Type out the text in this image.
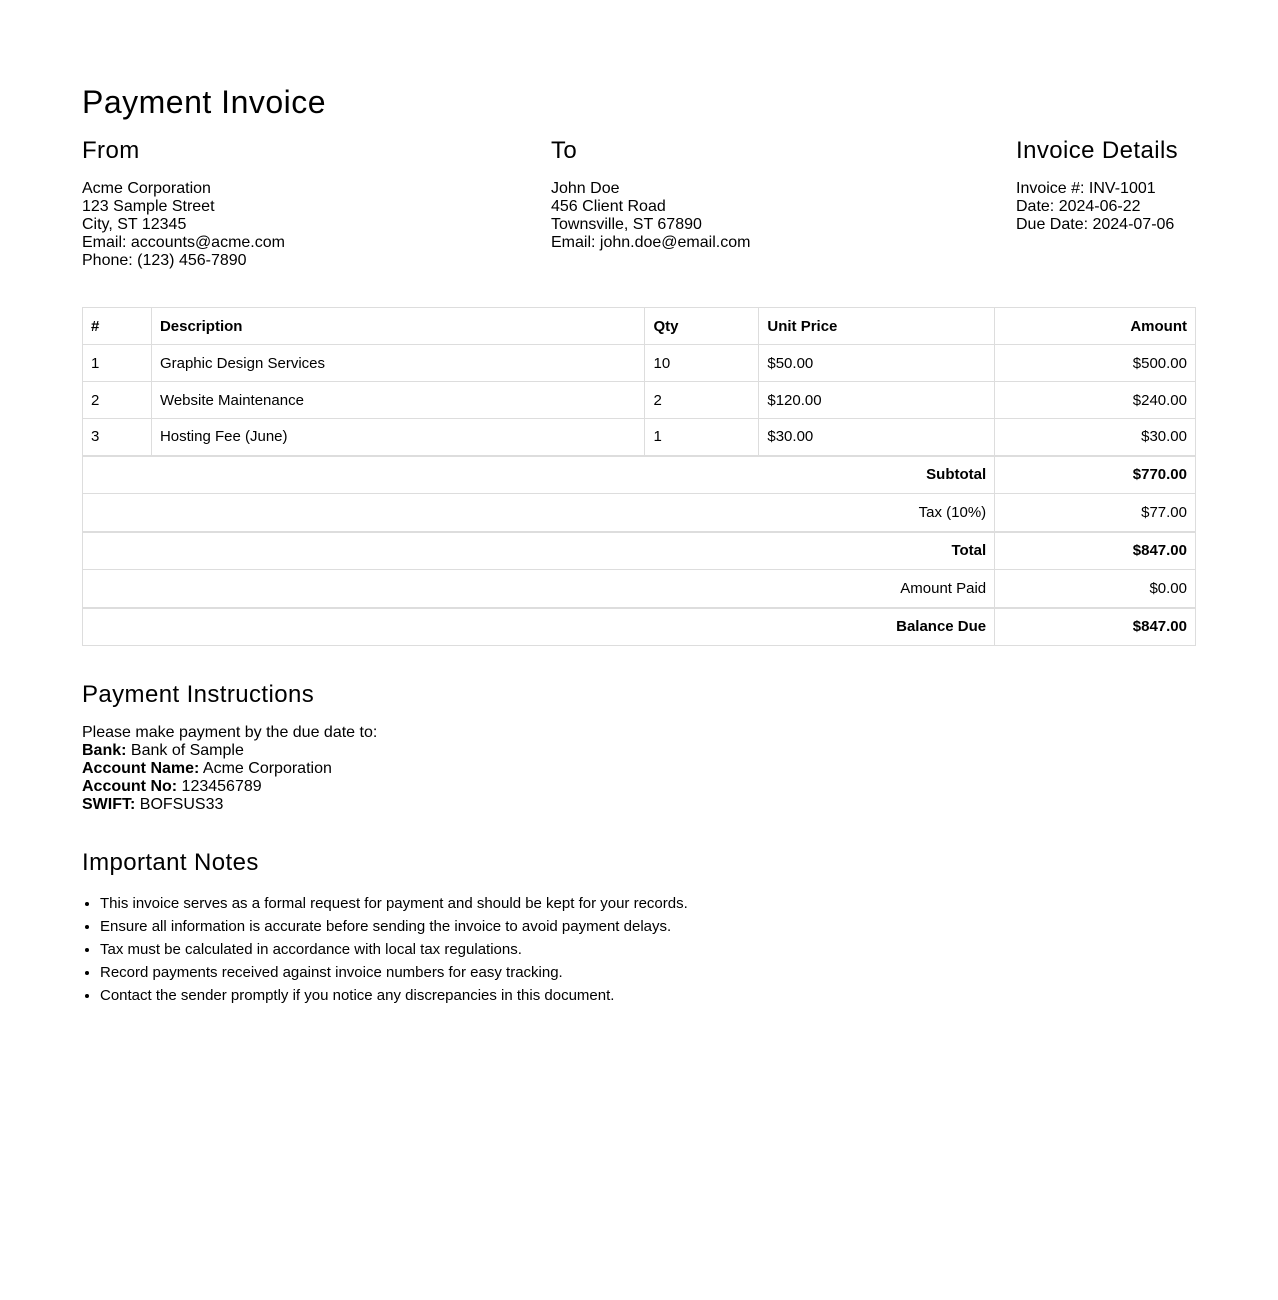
Payment Invoice
From
Acme Corporation
123 Sample Street
City, ST 12345
Email: accounts@acme.com
Phone: (123) 456-7890
To
John Doe
456 Client Road
Townsville, ST 67890
Email: john.doe@email.com
Invoice Details
Invoice #: INV-1001
Date: 2024-06-22
Due Date: 2024-07-06
#	Description	Qty	Unit Price	Amount
1	Graphic Design Services	10	$50.00	$500.00
2	Website Maintenance	2	$120.00	$240.00
3	Hosting Fee (June)	1	$30.00	$30.00
Subtotal				$770.00
Tax (10%)				$77.00
Total				$847.00
Amount Paid				$0.00
Balance Due				$847.00
Payment Instructions
Please make payment by the due date to:
Bank: Bank of Sample
Account Name: Acme Corporation
Account No: 123456789
SWIFT: BOFSUS33
Important Notes
• This invoice serves as a formal request for payment and should be kept for your records.
• Ensure all information is accurate before sending the invoice to avoid payment delays.
• Tax must be calculated in accordance with local tax regulations.
• Record payments received against invoice numbers for easy tracking.
• Contact the sender promptly if you notice any discrepancies in this document.
